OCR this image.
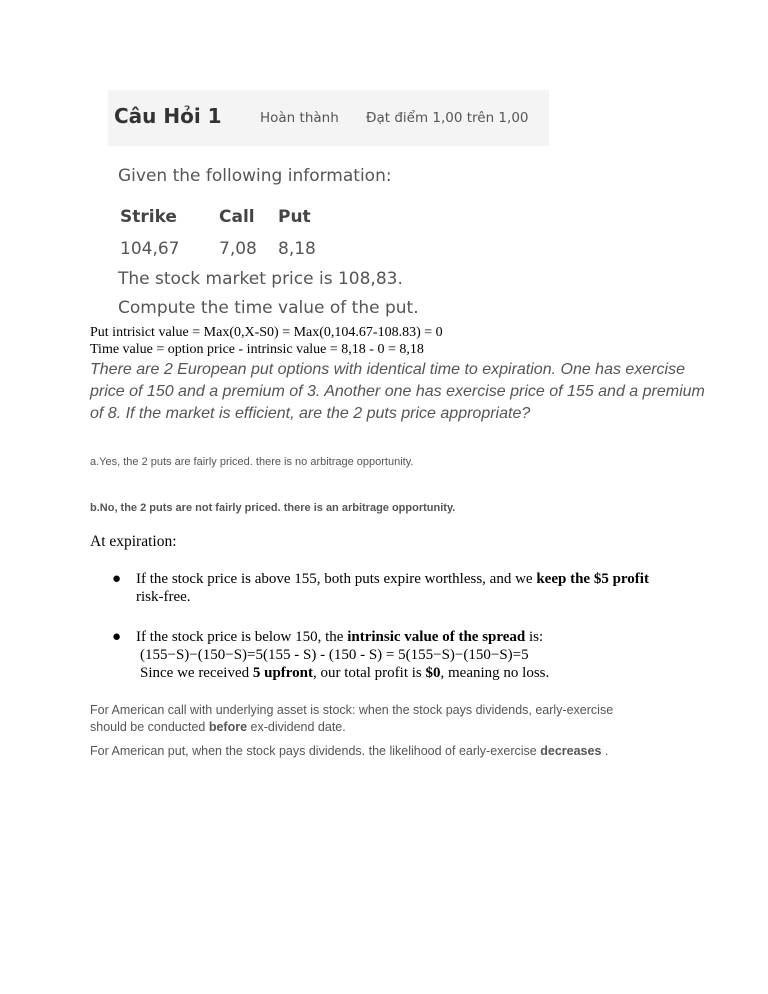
Câu Hỏi 1	Hoàn thành Đạt điểm 1,00 trên 1,00
Given the following information:
Strike Call Put
104,67 7,08 8,18
The stock market price is 108,83.
Compute the time value of the put.
Put intrisict value = Max(0,X-S0) = Max(0,104.67-108.83) = 0
Time value = option price - intrinsic value = 8,18 - 0 = 8,18
There are 2 European put options with identical time to expiration. One has exercise
price of 150 and a premium of 3. Another one has exercise price of 155 and a premium
of 8. If the market is efficient, are the 2 puts price appropriate?
a.Yes, the 2 puts are fairly priced. there is no arbitrage opportunity.
b.No, the 2 puts are not fairly priced. there is an arbitrage opportunity.
At expiration:
● If the stock price is above 155, both puts expire worthless, and we keep the $5 profit
risk-free.
● If the stock price is below 150, the intrinsic value of the spread is:
(155−S)−(150−S)=5(155 - S) - (150 - S) = 5(155−S)−(150−S)=5
Since we received 5 upfront, our total profit is $0, meaning no loss.
For American call with underlying asset is stock: when the stock pays dividends, early-exercise
should be conducted before ex-dividend date.
For American put, when the stock pays dividends. the likelihood of early-exercise decreases .
